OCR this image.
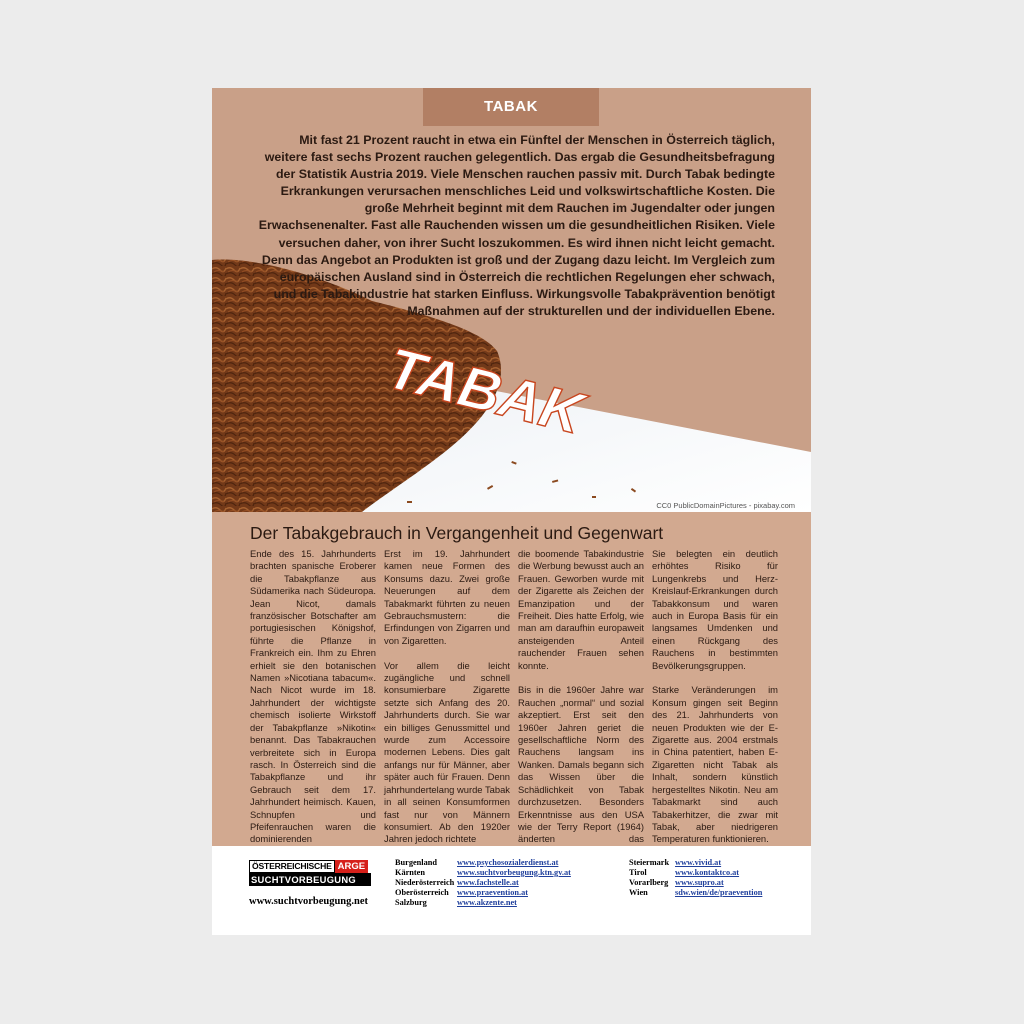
TABAK
TABAK

Mit fast 21 Prozent raucht in etwa ein Fünftel der Menschen in Österreich täglich, weitere fast sechs Prozent rauchen gelegentlich. Das ergab die Gesundheitsbefragung der Statistik Austria 2019. Viele Menschen rauchen passiv mit. Durch Tabak bedingte Erkrankungen verursachen menschliches Leid und volkswirtschaftliche Kosten. Die große Mehrheit beginnt mit dem Rauchen im Jugendalter oder jungen Erwachsenenalter. Fast alle Rauchenden wissen um die gesundheitlichen Risiken. Viele versuchen daher, von ihrer Sucht loszukommen. Es wird ihnen nicht leicht gemacht. Denn das Angebot an Produkten ist groß und der Zugang dazu leicht. Im Vergleich zum europäischen Ausland sind in Österreich die rechtlichen Regelungen eher schwach, und die Tabakindustrie hat starken Einfluss. Wirkungsvolle Tabakprävention benötigt Maßnahmen auf der strukturellen und der individuellen Ebene.

CC0 PublicDomainPictures - pixabay.com
Der Tabakgebrauch in Vergangenheit und Gegenwart

Ende des 15. Jahrhunderts brachten spanische Eroberer die Tabakpflanze aus Südamerika nach Südeuropa. Jean Nicot, damals französischer Botschafter am portugiesischen Königshof, führte die Pflanze in Frankreich ein. Ihm zu Ehren erhielt sie den botanischen Namen »Nicotiana tabacum«. Nach Nicot wurde im 18. Jahrhundert der wichtigste chemisch isolierte Wirkstoff der Tabakpflanze »Nikotin« benannt. Das Tabakrauchen verbreitete sich in Europa rasch. In Österreich sind die Tabakpflanze und ihr Gebrauch seit dem 17. Jahrhundert heimisch. Kauen, Schnupfen und Pfeifenrauchen waren die dominierenden

Erst im 19. Jahrhundert kamen neue Formen des Konsums dazu. Zwei große Neuerungen auf dem Tabakmarkt führten zu neuen Gebrauchsmustern: die Erfindungen von Zigarren und von Zigaretten.

Vor allem die leicht zugängliche und schnell konsumierbare Zigarette setzte sich Anfang des 20. Jahrhunderts durch. Sie war ein billiges Genussmittel und wurde zum Accessoire modernen Lebens. Dies galt anfangs nur für Männer, aber später auch für Frauen. Denn jahrhundertelang wurde Tabak in all seinen Konsumformen fast nur von Männern konsumiert. Ab den 1920er Jahren jedoch richtete

die boomende Tabakindustrie die Werbung bewusst auch an Frauen. Geworben wurde mit der Zigarette als Zeichen der Emanzipation und der Freiheit. Dies hatte Erfolg, wie man am daraufhin europaweit ansteigenden Anteil rauchender Frauen sehen konnte.

Bis in die 1960er Jahre war Rauchen „normal“ und sozial akzeptiert. Erst seit den 1960er Jahren geriet die gesellschaftliche Norm des Rauchens langsam ins Wanken. Damals begann sich das Wissen über die Schädlichkeit von Tabak durchzusetzen. Besonders Erkenntnisse aus den USA wie der Terry Report (1964) änderten das

Sie belegten ein deutlich erhöhtes Risiko für Lungenkrebs und Herz-Kreislauf-Erkrankungen durch Tabakkonsum und waren auch in Europa Basis für ein langsames Umdenken und einen Rückgang des Rauchens in bestimmten Bevölkerungsgruppen.

Starke Veränderungen im Konsum gingen seit Beginn des 21. Jahrhunderts von neuen Produkten wie der E-Zigarette aus. 2004 erstmals in China patentiert, haben E-Zigaretten nicht Tabak als Inhalt, sondern künstlich hergestelltes Nikotin. Neu am Tabakmarkt sind auch Tabakerhitzer, die zwar mit Tabak, aber niedrigeren Temperaturen funktionieren.

ÖSTERREICHISCHE ARGE
SUCHTVORBEUGUNG
www.suchtvorbeugung.net
Burgenland	www.psychosozialerdienst.at
Kärnten	www.suchtvorbeugung.ktn.gv.at
Niederösterreich www.fachstelle.at
Oberösterreich www.praevention.at
Salzburg	www.akzente.net
Steiermark www.vivid.at
Tirol	www.kontaktco.at
Vorarlberg www.supro.at
Wien	sdw.wien/de/praevention
